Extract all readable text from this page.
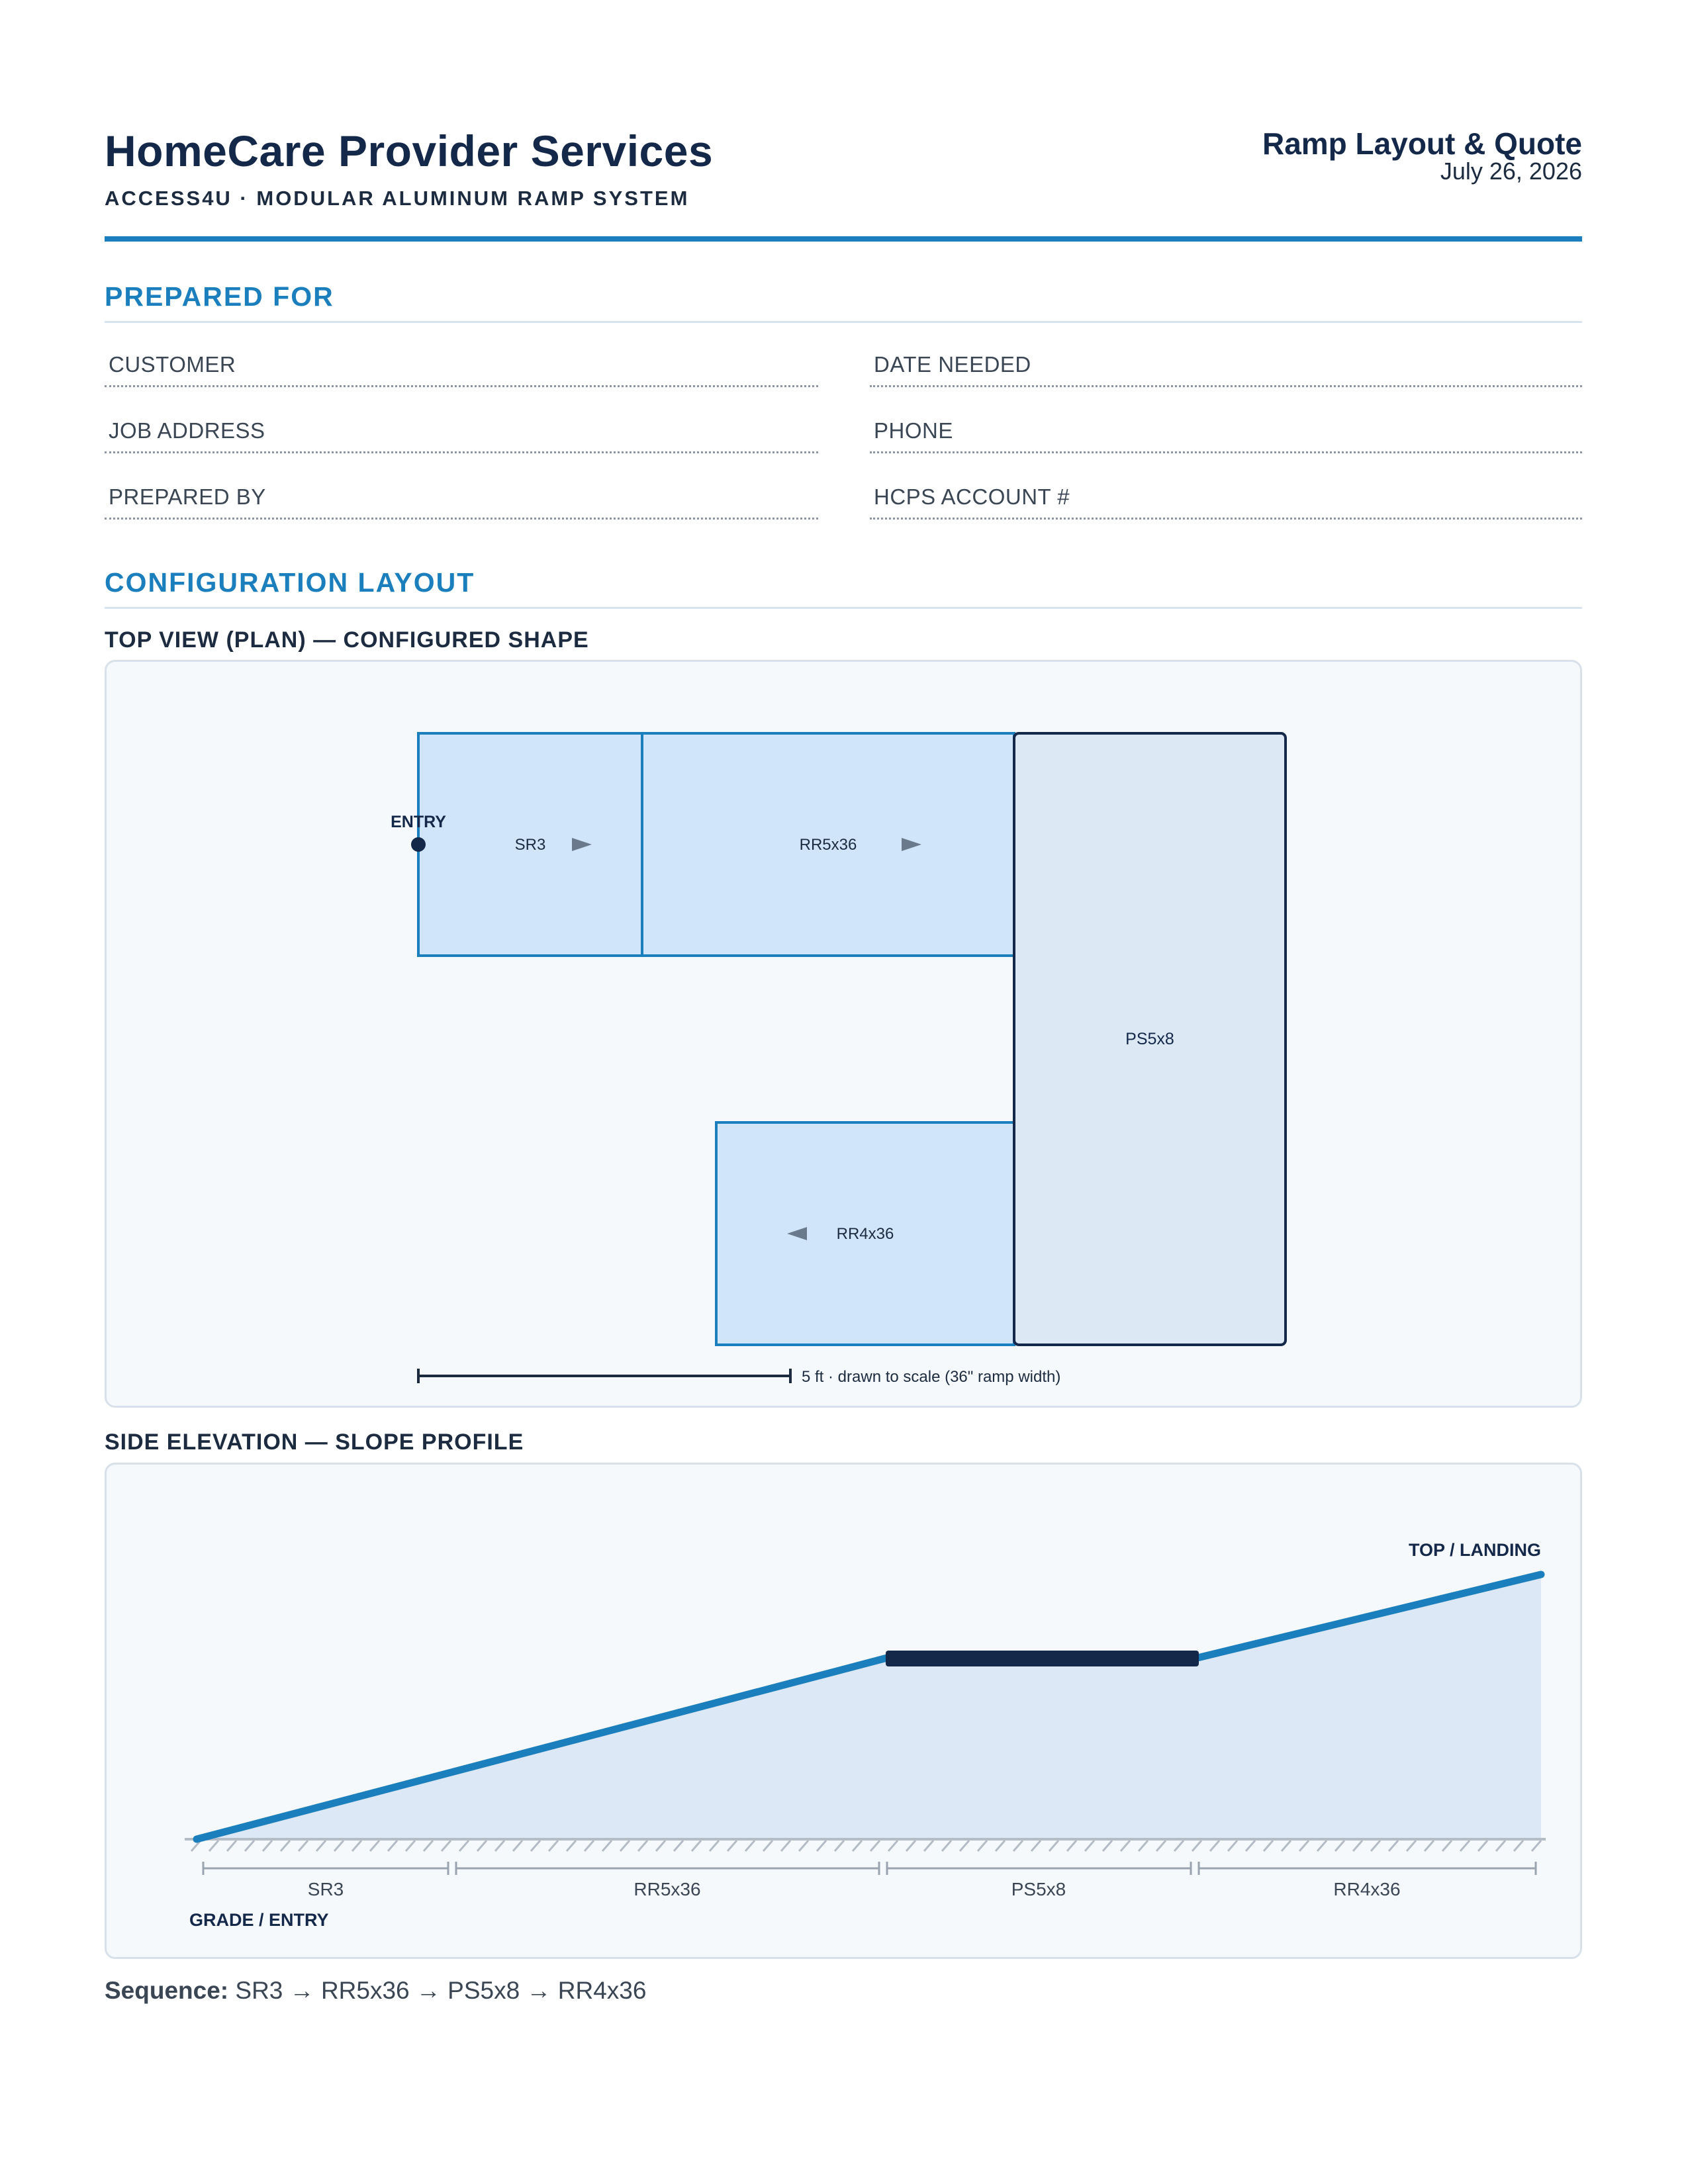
HomeCare Provider Services
ACCESS4U · MODULAR ALUMINUM RAMP SYSTEM
Ramp Layout & Quote
July 26, 2026
PREPARED FOR
CUSTOMER	DATE NEEDED
JOB ADDRESS	PHONE
PREPARED BY	HCPS ACCOUNT #
CONFIGURATION LAYOUT
TOP VIEW (PLAN) — CONFIGURED SHAPE
SR3	RR5x36
RR4x36
PS5x8
ENTRY
5 ft · drawn to scale (36" ramp width)
SIDE ELEVATION — SLOPE PROFILE
TOP / LANDING
SR3	RR5x36	PS5x8	RR4x36
GRADE / ENTRY
Sequence: SR3 → RR5x36 → PS5x8 → RR4x36
